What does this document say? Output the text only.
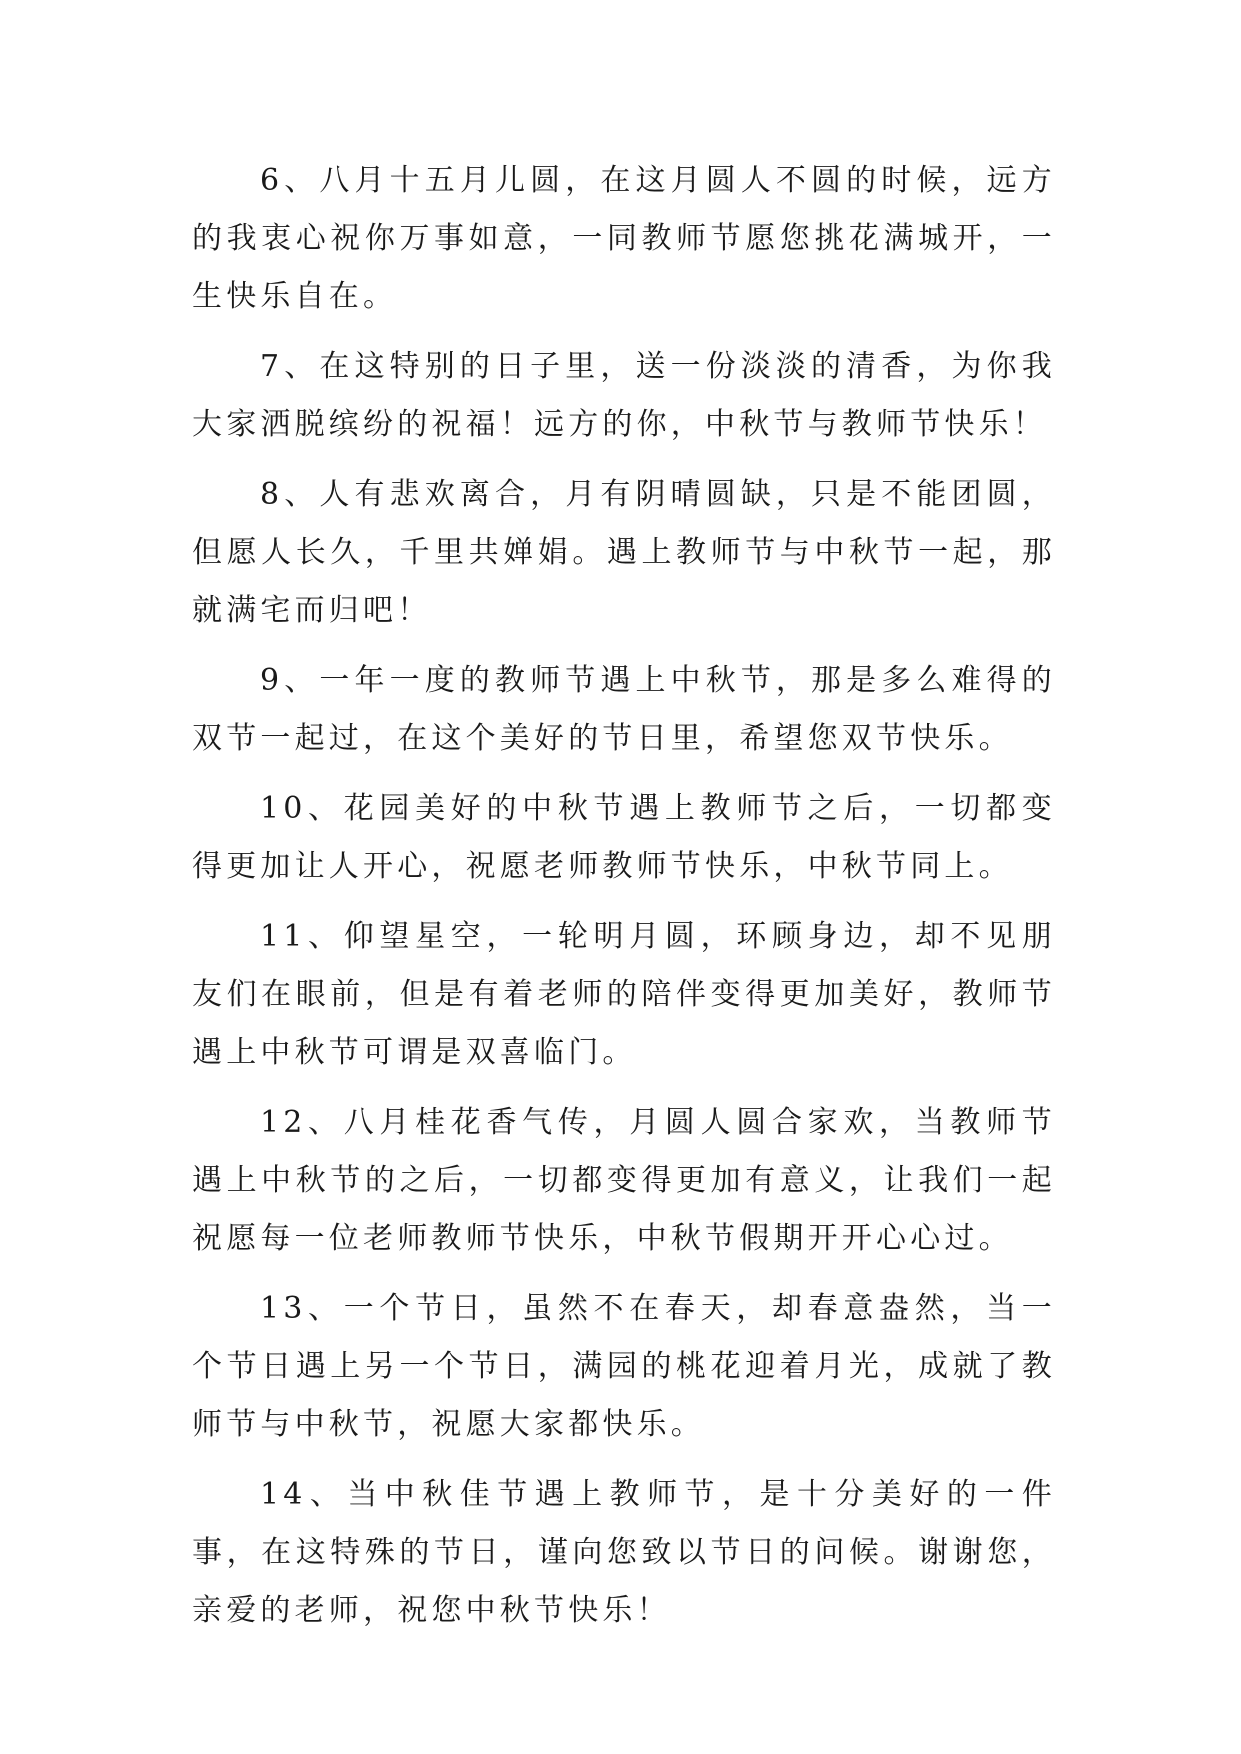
6、八月十五月儿圆，在这月圆人不圆的时候，远方的我衷心祝你万事如意，一同教师节愿您挑花满城开，一生快乐自在。

7、在这特别的日子里，送一份淡淡的清香，为你我大家洒脱缤纷的祝福！远方的你，中秋节与教师节快乐！

8、人有悲欢离合，月有阴晴圆缺，只是不能团圆，但愿人长久，千里共婵娟。遇上教师节与中秋节一起，那就满宅而归吧！

9、一年一度的教师节遇上中秋节，那是多么难得的双节一起过，在这个美好的节日里，希望您双节快乐。

10、花园美好的中秋节遇上教师节之后，一切都变得更加让人开心，祝愿老师教师节快乐，中秋节同上。

11、仰望星空，一轮明月圆，环顾身边，却不见朋友们在眼前，但是有着老师的陪伴变得更加美好，教师节遇上中秋节可谓是双喜临门。

12、八月桂花香气传，月圆人圆合家欢，当教师节遇上中秋节的之后，一切都变得更加有意义，让我们一起祝愿每一位老师教师节快乐，中秋节假期开开心心过。

13、一个节日，虽然不在春天，却春意盎然，当一个节日遇上另一个节日，满园的桃花迎着月光，成就了教师节与中秋节，祝愿大家都快乐。

14、当中秋佳节遇上教师节，是十分美好的一件事，在这特殊的节日，谨向您致以节日的问候。谢谢您，亲爱的老师，祝您中秋节快乐！
